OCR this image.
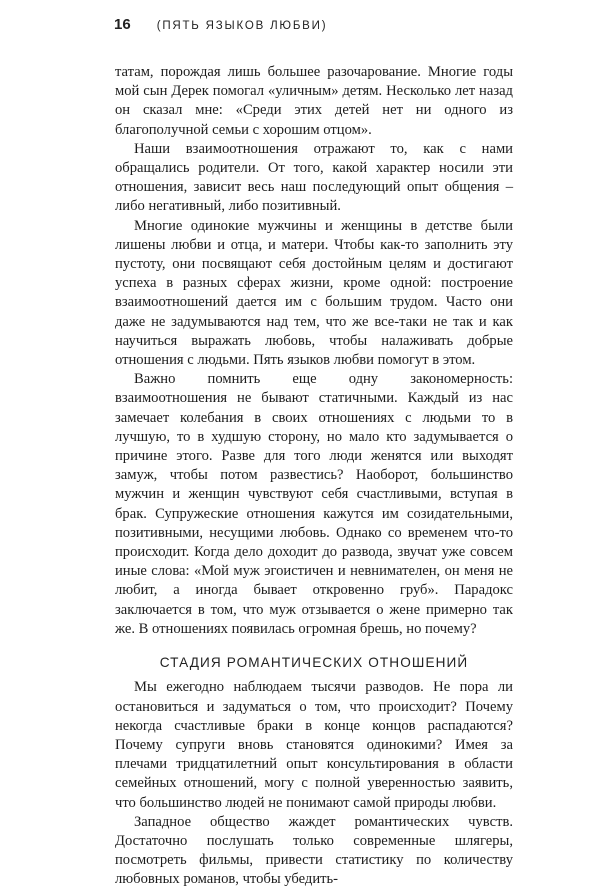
16 (ПЯТЬ ЯЗЫКОВ ЛЮБВИ)

татам, порождая лишь большее разочарование. Многие годы мой сын Дерек помогал «уличным» детям. Несколько лет назад он сказал мне: «Среди этих детей нет ни одного из благополучной семьи с хорошим отцом».

Наши взаимоотношения отражают то, как с нами обращались родители. От того, какой характер носили эти отношения, зависит весь наш последующий опыт общения – либо негативный, либо позитивный.

Многие одинокие мужчины и женщины в детстве были лишены любви и отца, и матери. Чтобы как-то заполнить эту пустоту, они посвящают себя достойным целям и достигают успеха в разных сферах жизни, кроме одной: построение взаимоотношений дается им с большим трудом. Часто они даже не задумываются над тем, что же все-таки не так и как научиться выражать любовь, чтобы налаживать добрые отношения с людьми. Пять языков любви помогут в этом.

Важно помнить еще одну закономерность: взаимоотношения не бывают статичными. Каждый из нас замечает колебания в своих отношениях с людьми то в лучшую, то в худшую сторону, но мало кто задумывается о причине этого. Разве для того люди женятся или выходят замуж, чтобы потом развестись? Наоборот, большинство мужчин и женщин чувствуют себя счастливыми, вступая в брак. Супружеские отношения кажутся им созидательными, позитивными, несущими любовь. Однако со временем что-то происходит. Когда дело доходит до развода, звучат уже совсем иные слова: «Мой муж эгоистичен и невнимателен, он меня не любит, а иногда бывает откровенно груб». Парадокс заключается в том, что муж отзывается о жене примерно так же. В отношениях появилась огромная брешь, но почему?

СТАДИЯ РОМАНТИЧЕСКИХ ОТНОШЕНИЙ

Мы ежегодно наблюдаем тысячи разводов. Не пора ли остановиться и задуматься о том, что происходит? Почему некогда счастливые браки в конце концов распадаются? Почему супруги вновь становятся одинокими? Имея за плечами тридцатилетний опыт консультирования в области семейных отношений, могу с полной уверенностью заявить, что большинство людей не понимают самой природы любви.

Западное общество жаждет романтических чувств. Достаточно послушать только современные шлягеры, посмотреть фильмы, привести статистику по количеству любовных романов, чтобы убедить-
